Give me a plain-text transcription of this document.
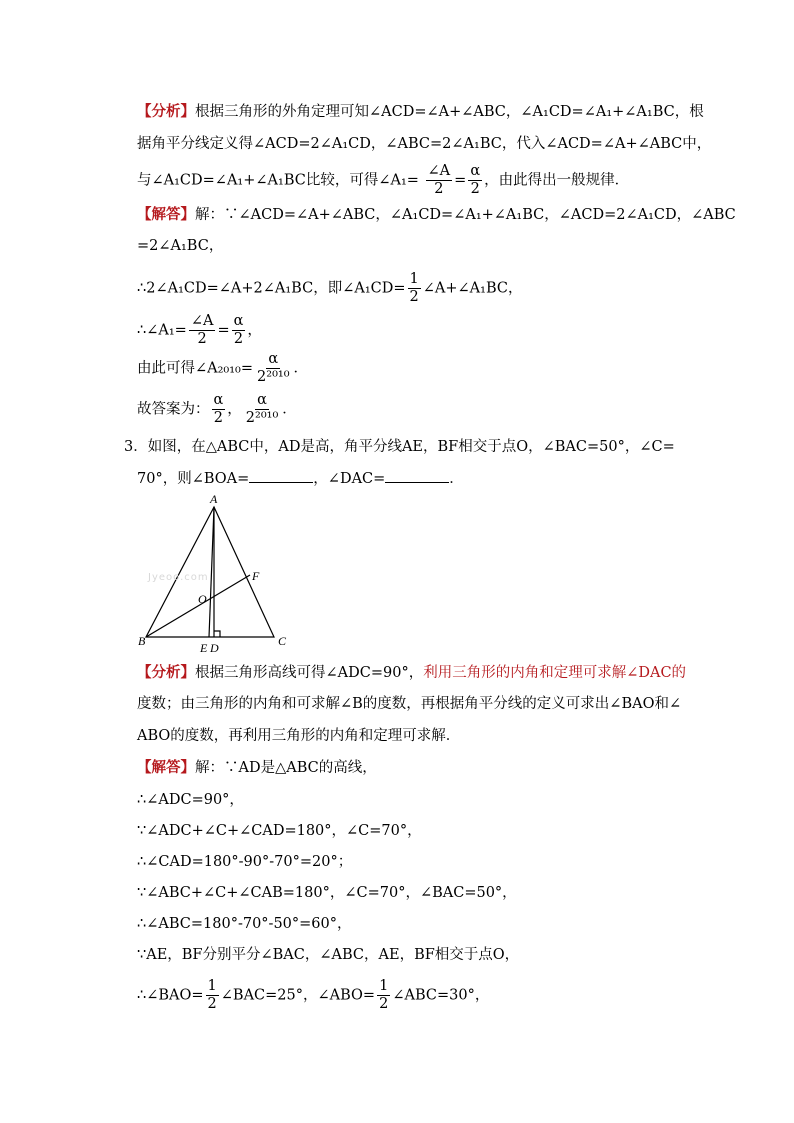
【分析】根据三角形的外角定理可知∠ACD=∠A+∠ABC，∠A₁CD=∠A₁+∠A₁BC，根
据角平分线定义得∠ACD=2∠A₁CD，∠ABC=2∠A₁BC，代入∠ACD=∠A+∠ABC中，
与∠A₁CD=∠A₁+∠A₁BC比较，可得∠A₁= $\frac{\angle A}{2} = \frac{\alpha}{2}$ ，由此得出一般规律．
【解答】解：∵∠ACD=∠A+∠ABC，∠A₁CD=∠A₁+∠A₁BC，∠ACD=2∠A₁CD，∠ABC
=2∠A₁BC，
∴2∠A₁CD=∠A+2∠A₁BC，即∠A₁CD= $\frac{1}{2}$ ∠A+∠A₁BC，
∴∠A₁= $\frac{\angle A}{2} = \frac{\alpha}{2}$ ，
由此可得∠A₂₀₁₀= $\frac{\alpha}{\text{2²⁰¹⁰}}$ ．
故答案为： $\frac{\alpha}{2}$ ， $\frac{\alpha}{\text{2²⁰¹⁰}}$ ．
3．如图，在△ABC中，AD是高，角平分线AE，BF相交于点O，∠BAC=50°，∠C=
70°，则∠BOA=	，∠DAC=	．
A
B	C
E D
F
O
Jyeoo.com
【分析】根据三角形高线可得∠ADC=90°，利用三角形的内角和定理可求解∠DAC的
度数；由三角形的内角和可求解∠B的度数，再根据角平分线的定义可求出∠BAO和∠
ABO的度数，再利用三角形的内角和定理可求解．
【解答】解：∵AD是△ABC的高线，
∴∠ADC=90°，
∵∠ADC+∠C+∠CAD=180°，∠C=70°，
∴∠CAD=180°-90°-70°=20°；
∵∠ABC+∠C+∠CAB=180°，∠C=70°，∠BAC=50°，
∴∠ABC=180°-70°-50°=60°，
∵AE，BF分别平分∠BAC，∠ABC，AE，BF相交于点O，
∴∠BAO= $\frac{1}{2}$ ∠BAC=25°，∠ABO= $\frac{1}{2}$ ∠ABC=30°，
